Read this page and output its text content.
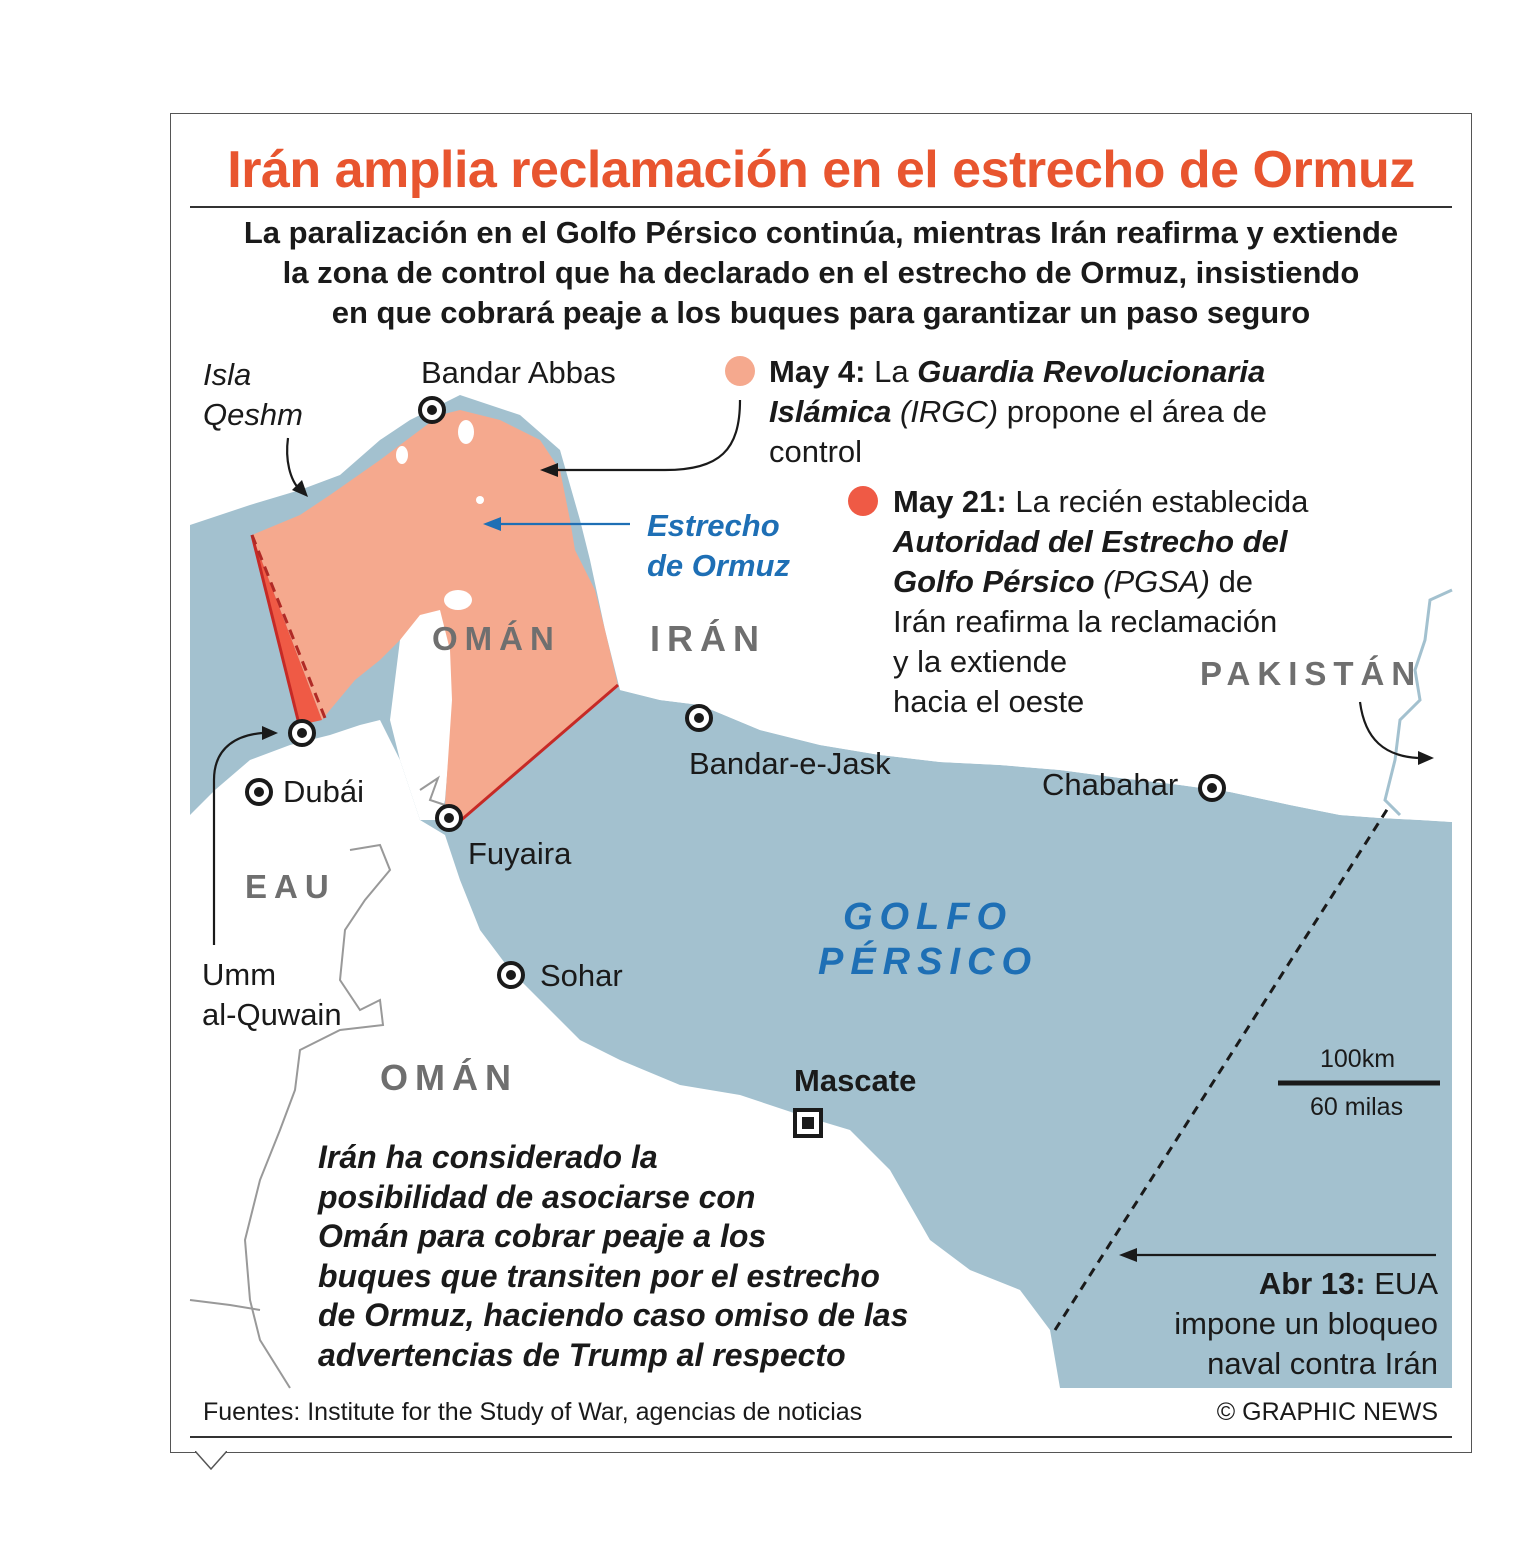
Irán amplia reclamación en el estrecho de Ormuz
La paralización en el Golfo Pérsico continúa, mientras Irán reafirma y extiende
la zona de control que ha declarado en el estrecho de Ormuz, insistiendo
en que cobrará peaje a los buques para garantizar un paso seguro
Isla
Qeshm
Bandar Abbas
Dubái
Umm
al-Quwain
Fuyaira
Sohar
Mascate
Bandar-e-Jask
Chabahar
OMÁN IRÁN
EAU
OMÁN
PAKISTÁN
GOLFO
PÉRSICO
Estrecho
de Ormuz
May 4: La Guardia Revolucionaria
Islámica (IRGC) propone el área de
control
May 21: La recién establecida
Autoridad del Estrecho del
Golfo Pérsico (PGSA) de
Irán reafirma la reclamación
y la extiende
hacia el oeste
Abr 13: EUA
impone un bloqueo
naval contra Irán
100km
60 milas
Irán ha considerado la
posibilidad de asociarse con
Omán para cobrar peaje a los
buques que transiten por el estrecho
de Ormuz, haciendo caso omiso de las
advertencias de Trump al respecto
Fuentes: Institute for the Study of War, agencias de noticias	© GRAPHIC NEWS
